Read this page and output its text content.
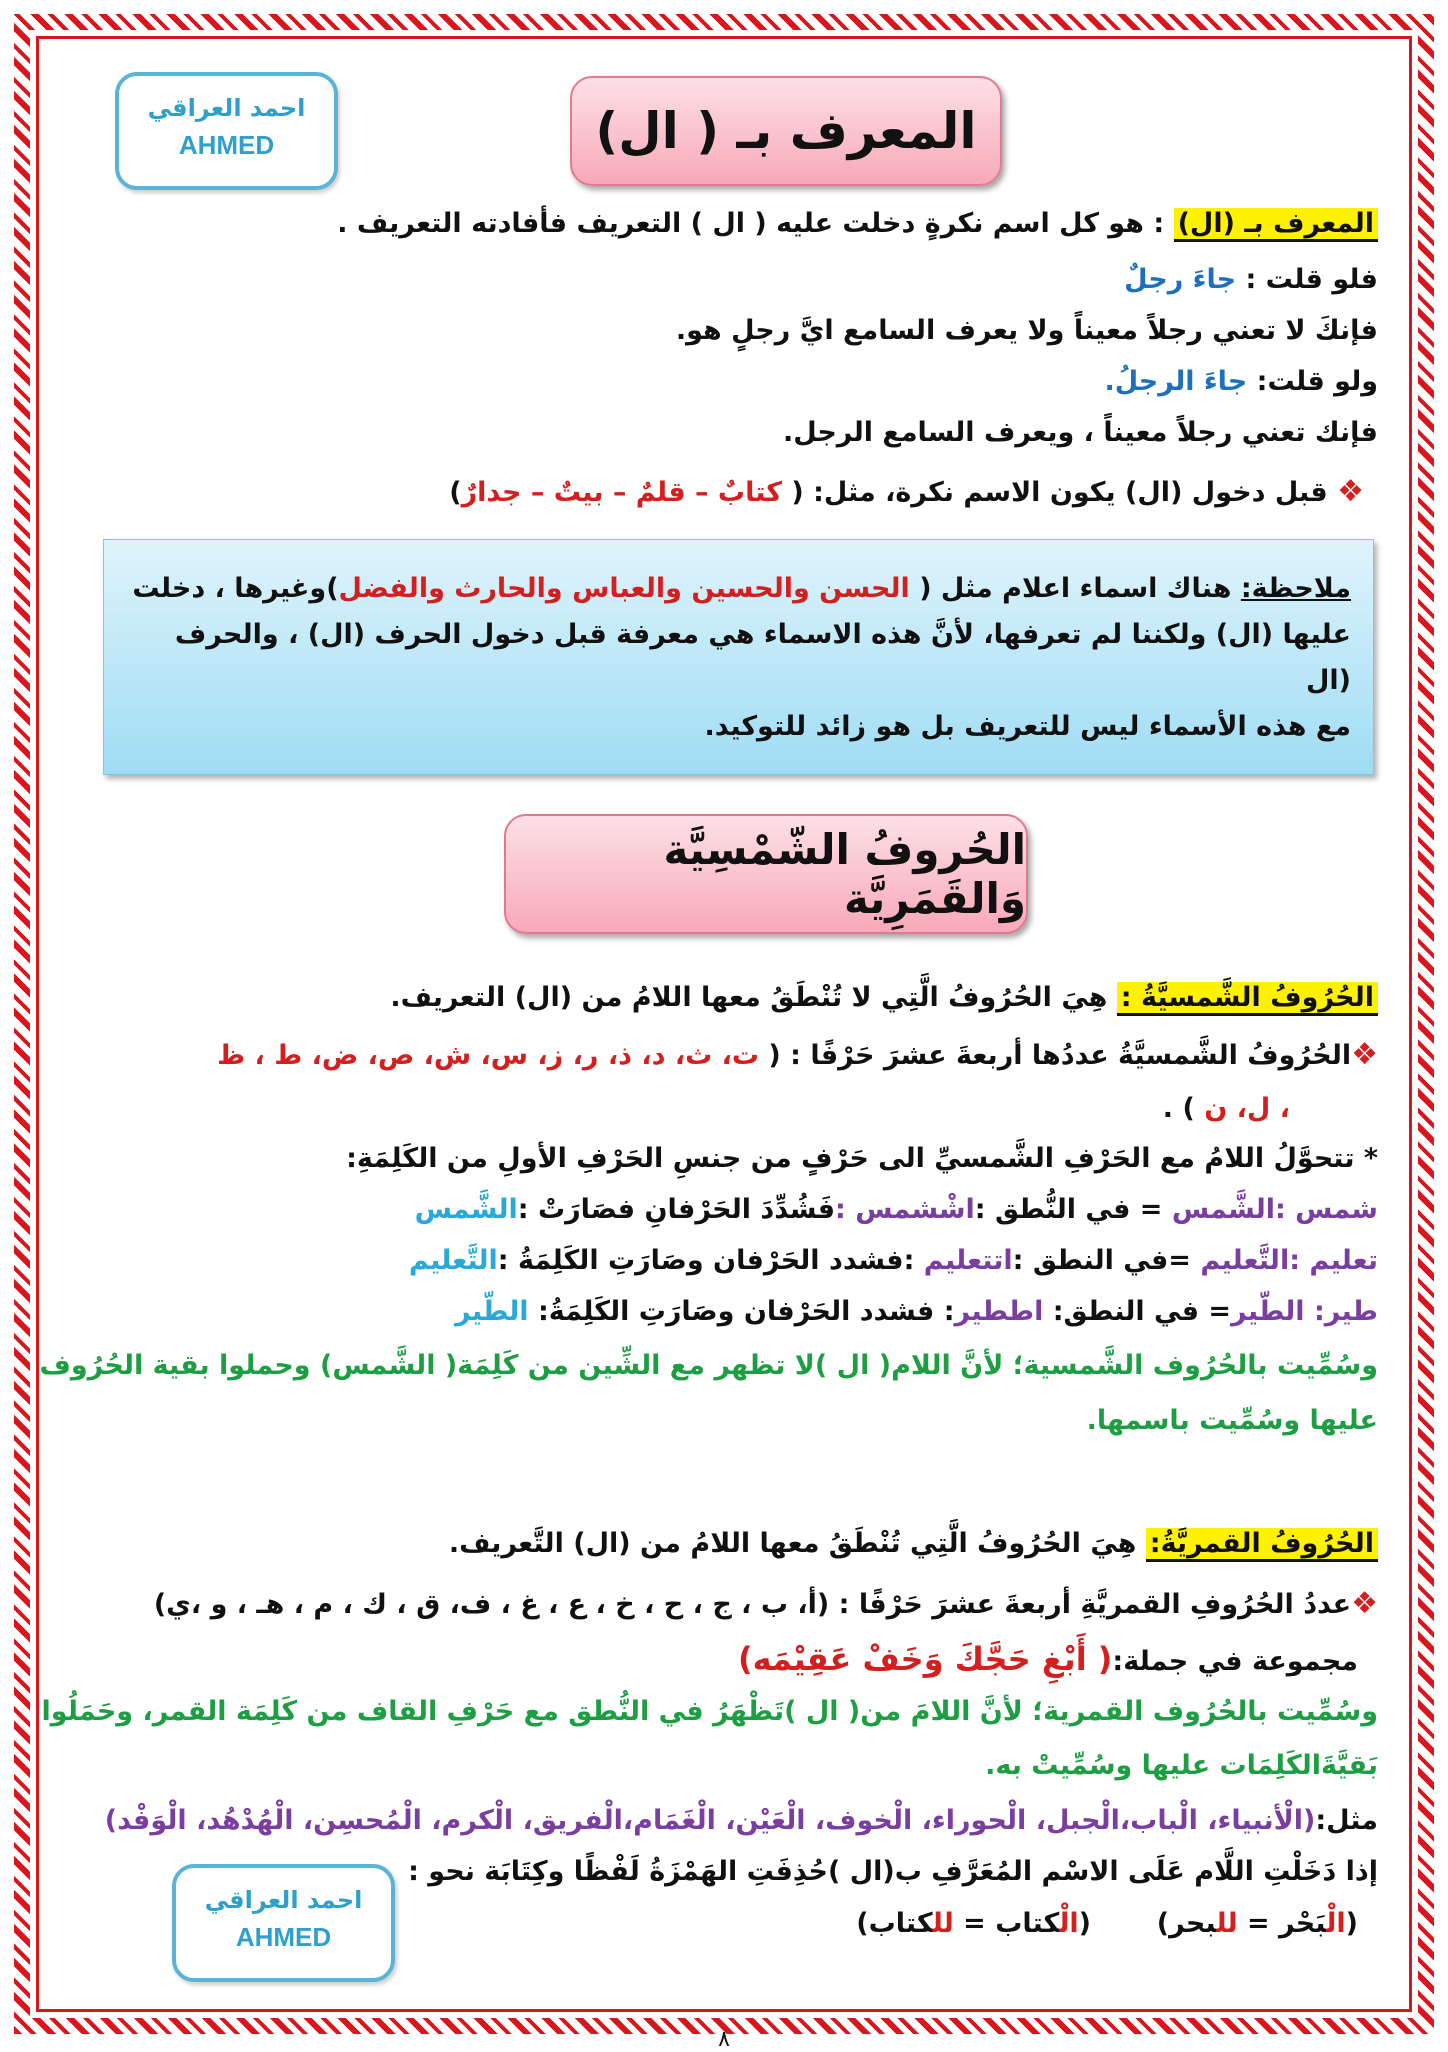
احمد العراقي
AHMED	المعرف بـ ( ال)
المعرف بـ (ال) : هو كل اسم نكرةٍ دخلت عليه ( ال ) التعريف فأفادته التعريف .
فلو قلت : جاءَ رجلٌ
فإنكَ لا تعني رجلاً معيناً ولا يعرف السامع ايَّ رجلٍ هو.
ولو قلت: جاءَ الرجلُ.
فإنك تعني رجلاً معيناً ، ويعرف السامع الرجل.
❖ قبل دخول (ال) يكون الاسم نكرة، مثل: ( كتابٌ – قلمٌ – بيتٌ – جدارٌ)

ملاحظة: هناك اسماء اعلام مثل ( الحسن والحسين والعباس والحارث والفضل)وغيرها ، دخلت

عليها (ال) ولكننا لم تعرفها، لأنَّ هذه الاسماء هي معرفة قبل دخول الحرف (ال) ، والحرف (ال

مع هذه الأسماء ليس للتعريف بل هو زائد للتوكيد.

الحُروفُ الشّمْسِيَّة وَالقَمَرِيَّة
الحُرُوفُ الشَّمسيَّةُ : هِيَ الحُرُوفُ الَّتِي لا تُنْطَقُ معها اللامُ من (ال) التعريف.
❖الحُرُوفُ الشَّمسيَّةُ عددُها أربعةَ عشرَ حَرْفًا : ( ت، ث، د، ذ، ر، ز، س، ش، ص، ض، ط ، ظ
، ل، ن ) .
* تتحوَّلُ اللامُ مع الحَرْفِ الشَّمسيِّ الى حَرْفٍ من جنسِ الحَرْفِ الأولِ من الكَلِمَةِ:
شمس :الشَّمس = في النُّطق :اشْشمس :فَشُدِّدَ الحَرْفانِ فصَارَتْ :الشَّمس
تعليم :التَّعليم =في النطق :اتتعليم :فشدد الحَرْفان وصَارَتِ الكَلِمَةُ :التَّعليم
طير: الطّير= في النطق: اططير: فشدد الحَرْفان وصَارَتِ الكَلِمَةُ: الطّير
وسُمِّيت بالحُرُوف الشَّمسية؛ لأنَّ اللام( ال )لا تظهر مع الشِّين من كَلِمَة( الشَّمس) وحملوا بقية الحُرُوف
عليها وسُمِّيت باسمها.
الحُرُوفُ القمريَّةُ: هِيَ الحُرُوفُ الَّتِي تُنْطَقُ معها اللامُ من (ال) التَّعريف.
❖عددُ الحُرُوفِ القمريَّةِ أربعةَ عشرَ حَرْفًا : (أ، ب ، ج ، ح ، خ ، ع ، غ ، ف، ق ، ك ، م ، هـ ، و ،ي)
مجموعة في جملة:( أَبْغِ حَجَّكَ وَخَفْ عَقِيْمَه)
وسُمِّيت بالحُرُوف القمرية؛ لأنَّ اللامَ من( ال )تَظْهَرُ في النُّطق مع حَرْفِ القاف من كَلِمَة القمر، وحَمَلُوا
بَقيَّةَالكَلِمَات عليها وسُمِّيتْ به.
مثل:(الْأنبياء، الْباب،الْجبل، الْحوراء، الْخوف، الْعَيْن، الْغَمَام،الْفريق، الْكرم، الْمُحسِن، الْهُدْهُد، الْوَفْد)
إذا دَخَلْتِ اللَّام عَلَى الاسْم المُعَرَّفِ ب(ال )حُذِفَتِ الهَمْزَةُ لَفْظًا وكِتَابَة نحو :
(الْبَحْر = للبحر)       (الْكتاب = للكتاب)
٨
احمد العراقي
AHMED
